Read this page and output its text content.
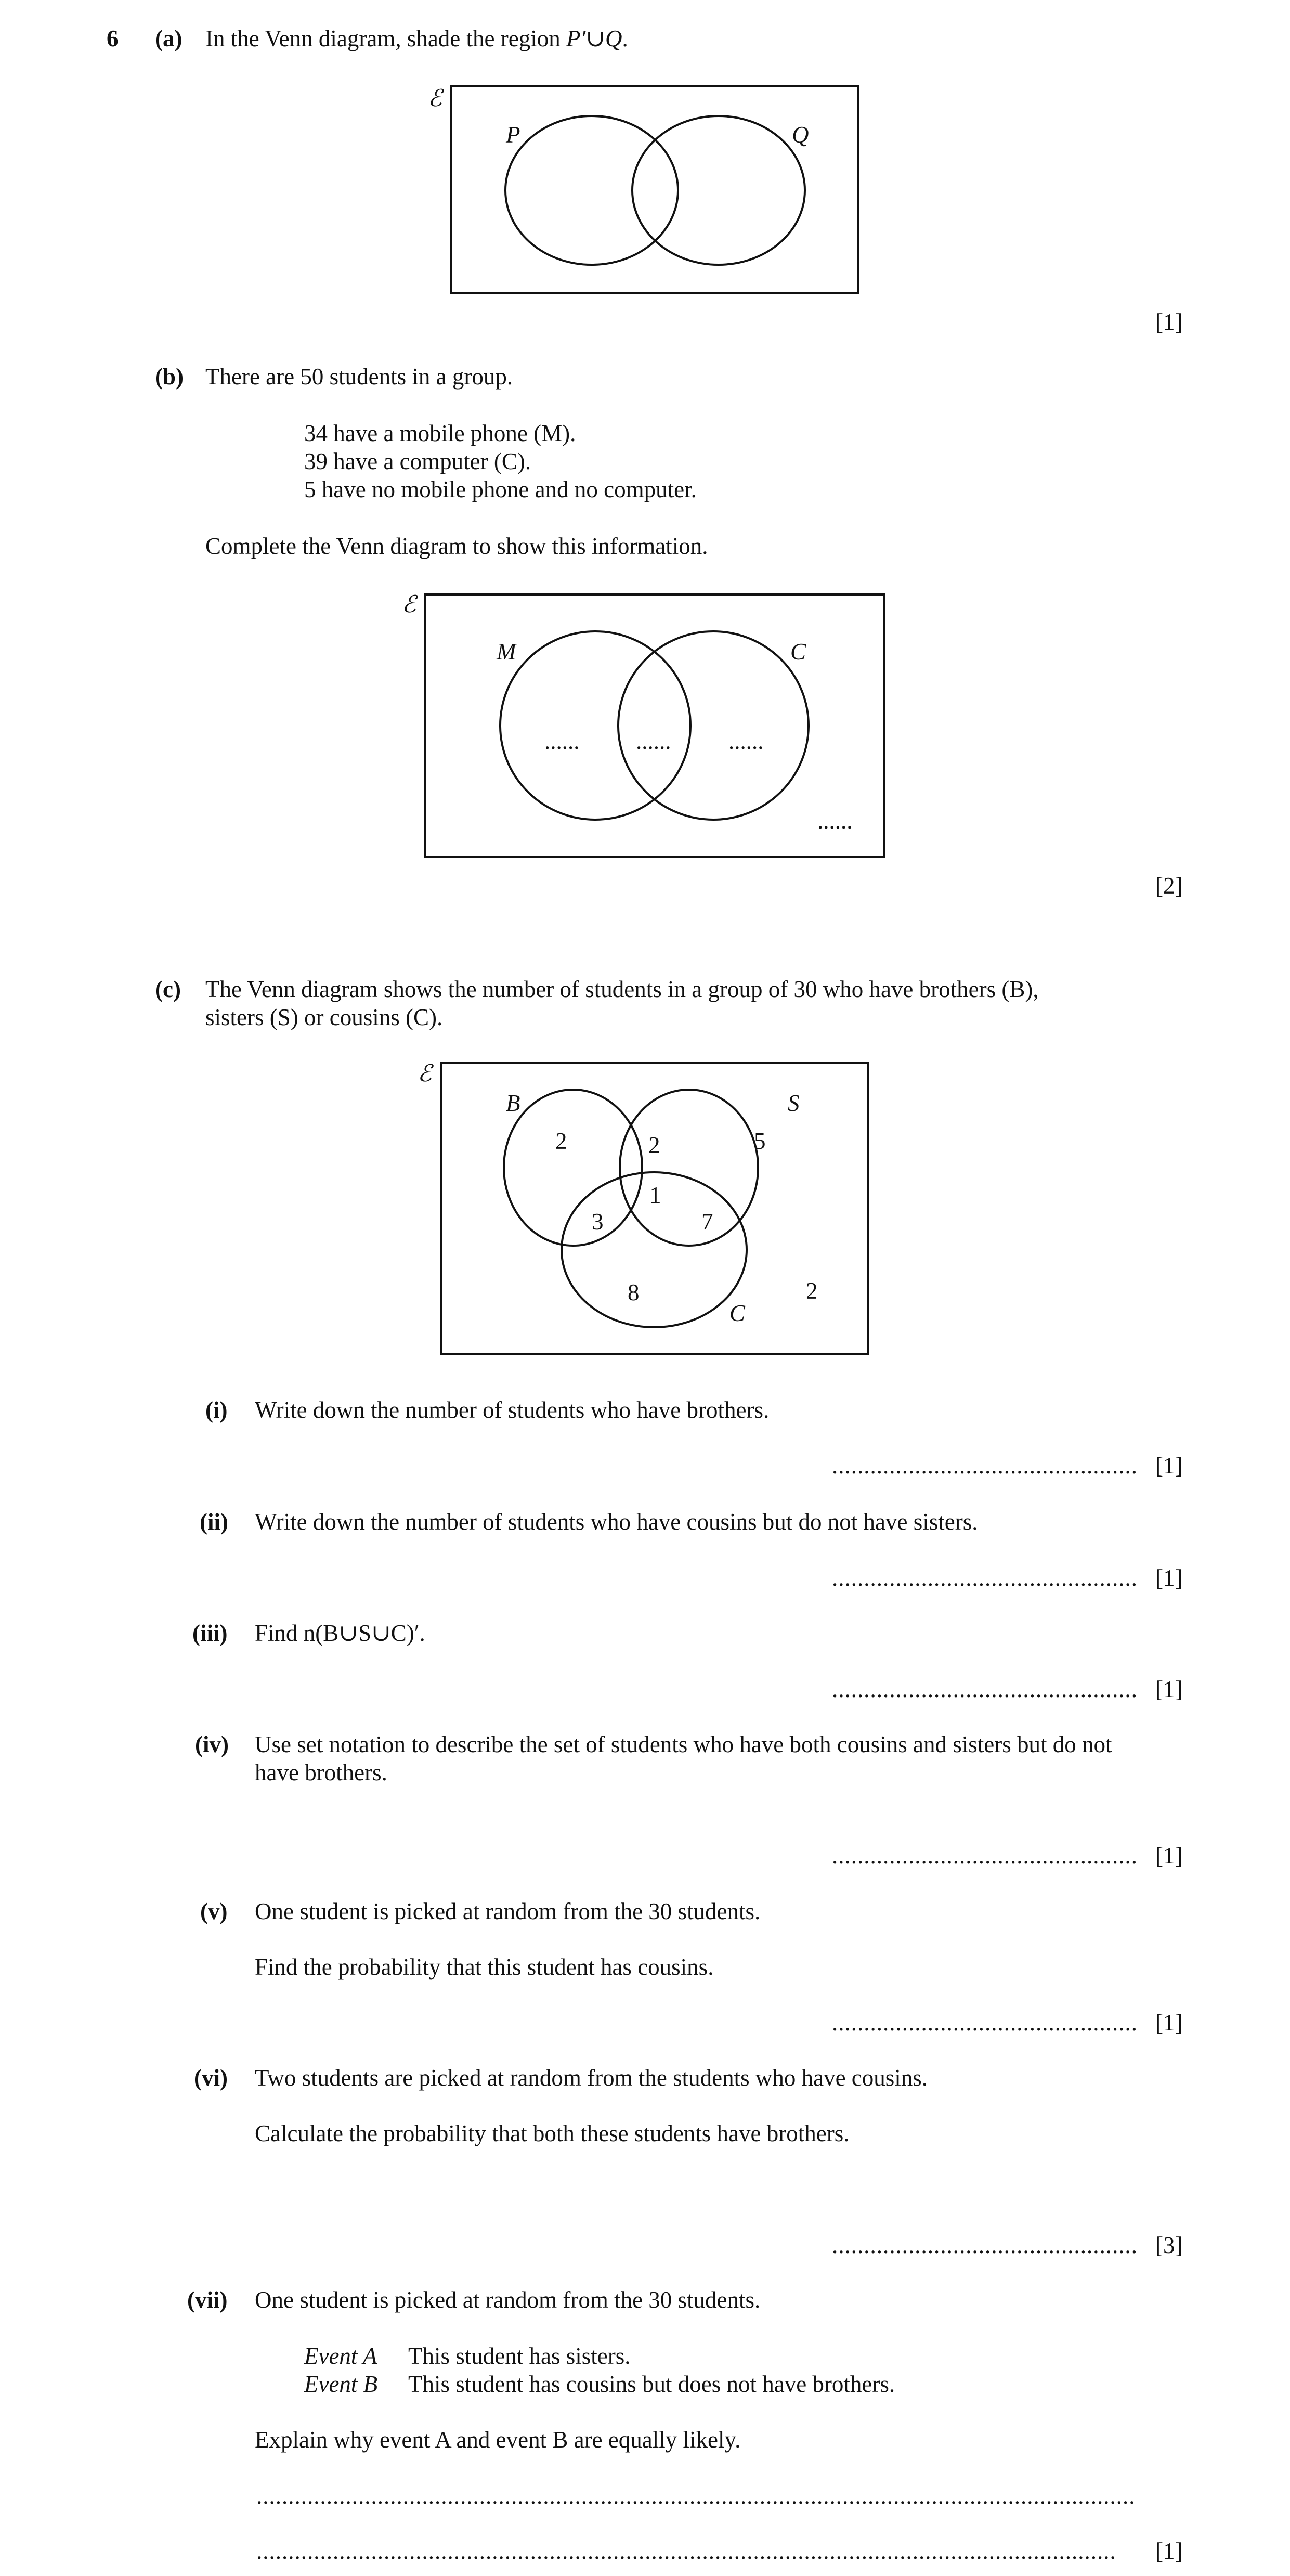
6 (a) In the Venn diagram, shade the region P′∪Q.
ℰ
P	Q
[1]
(b) There are 50 students in a group.
34 have a mobile phone (M).
39 have a computer (C).
5 have no mobile phone and no computer.
Complete the Venn diagram to show this information.
ℰ
M	C
...... ...... ......
......
[2]
(c) The Venn diagram shows the number of students in a group of 30 who have brothers (B),
sisters (S) or cousins (C).
ℰ
B	S
C
2	2	5
1
3	7
8	2
(i) Write down the number of students who have brothers.
................................................ [1]
(ii) Write down the number of students who have cousins but do not have sisters.
................................................ [1]
(iii) Find n(B∪S∪C)′.
................................................ [1]
(iv) Use set notation to describe the set of students who have both cousins and sisters but do not
have brothers.
................................................ [1]
(v) One student is picked at random from the 30 students.
Find the probability that this student has cousins.
................................................ [1]
(vi) Two students are picked at random from the students who have cousins.
Calculate the probability that both these students have brothers.
................................................ [3]
(vii) One student is picked at random from the 30 students.
Event A This student has sisters.
Event B This student has cousins but does not have brothers.
Explain why event A and event B are equally likely.
..........................................................................................................................................
....................................................................................................................................... [1]
